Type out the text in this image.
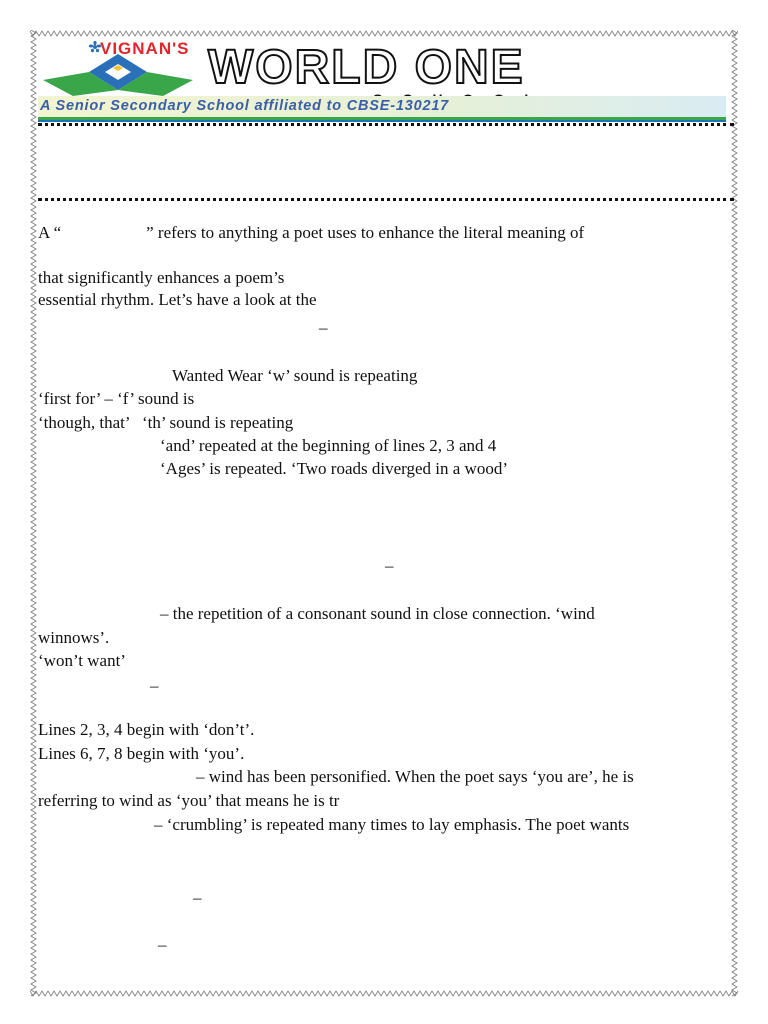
VIGNAN'S WORLD ONE
A Senior Secondary School affiliated to CBSE-130217
A “                    ” refers to anything a poet uses to enhance the literal meaning of
that significantly enhances a poem’s
essential rhythm. Let’s have a look at the
–
Wanted Wear ‘w’ sound is repeating
‘first for’ – ‘f’ sound is
‘though, that’   ‘th’ sound is repeating
‘and’ repeated at the beginning of lines 2, 3 and 4
‘Ages’ is repeated. ‘Two roads diverged in a wood’
–
– the repetition of a consonant sound in close connection. ‘wind
winnows’.
‘won’t want’
–
Lines 2, 3, 4 begin with ‘don’t’.
Lines 6, 7, 8 begin with ‘you’.
– wind has been personified. When the poet says ‘you are’, he is
referring to wind as ‘you’ that means he is tr
– ‘crumbling’ is repeated many times to lay emphasis. The poet wants
–
–
